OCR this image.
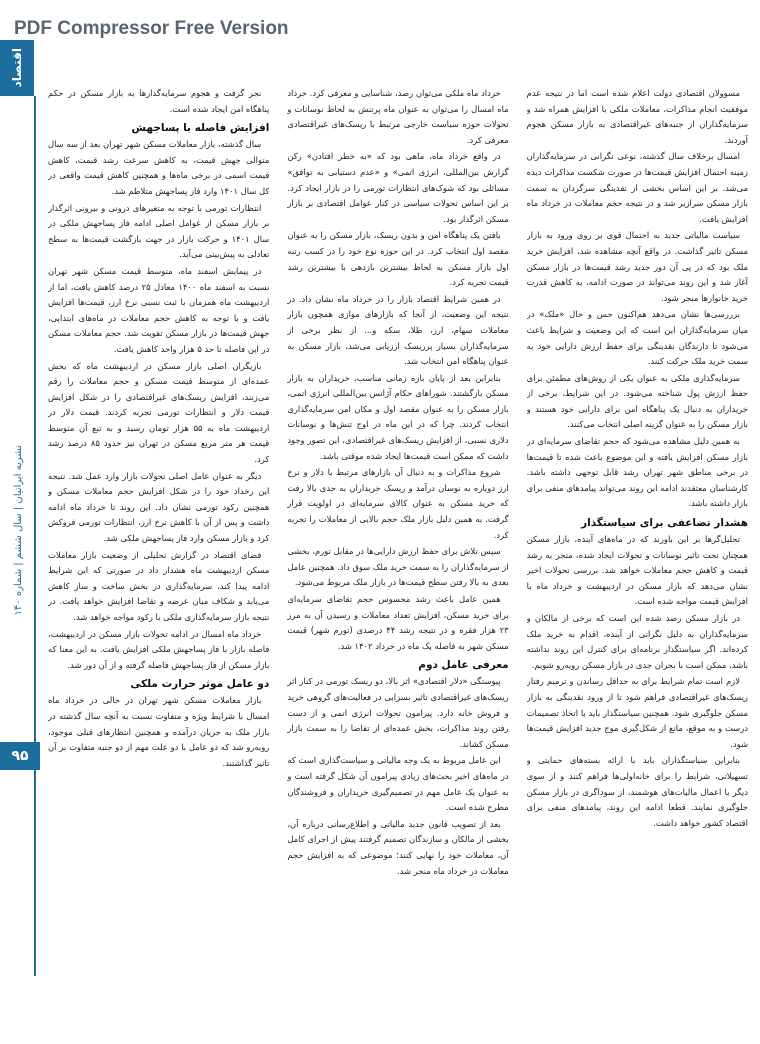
PDF Compressor Free Version
اقتصاد
نشریه ایرانیان | سال ششم | شماره ۱۴۰
۹۵

نجر گرفت و هجوم سرمایه‌گذارها به بازار مسکن در حکم پناهگاه امن ایجاد شده است.

افزایش فاصله با پساجهش

سال گذشته، بازار معاملات مسکن شهر تهران بعد از سه سال متوالی جهش قیمت، به کاهش سرعت رشد قیمت، کاهش قیمت اسمی در برخی ماه‌ها و همچنین کاهش قیمت واقعی در کل سال ۱۴۰۱ وارد فاز پساجهش متلاطم شد.

انتظارات تورمی با توجه به متغیرهای درونی و بیرونی اثرگذار بر بازار مسکن از عوامل اصلی ادامه فاز پساجهش ملکی در سال ۱۴۰۱ و حرکت بازار در جهت بازگشت قیمت‌ها به سطح تعادلی به پیش‌بینی می‌آید.

در پیمایش اسفند ماه، متوسط قیمت مسکن شهر تهران نسبت به اسفند ماه ۱۴۰۰ معادل ۲۵ درصد کاهش یافت، اما از اردیبهشت ماه همزمان با ثبت نسبی نرخ ارز، قیمت‌ها افزایش یافت و با توجه به کاهش حجم معاملات در ماه‌های ابتدایی، جهش قیمت‌ها در بازار مسکن تقویت شد. حجم معاملات مسکن در این فاصله تا حد ۵ هزار واحد کاهش یافت.

بازیگران اصلی بازار مسکن در اردیبهشت ماه که بخش عمده‌ای از متوسط قیمت مسکن و حجم معاملات را رقم می‌زنند، افزایش ریسک‌های غیراقتصادی را در شکل افزایش قیمت دلار و انتظارات تورمی تجربه کردند. قیمت دلار در اردیبهشت ماه به ۵۵ هزار تومان رسید و به تبع آن متوسط قیمت هر متر مربع مسکن در تهران نیز حدود ۸۵ درصد رشد کرد.

دیگر به عنوان عامل اصلی تحولات بازار وارد عمل شد. نتیجه این رخداد خود را در شکل افزایش حجم معاملات مسکن و همچنین رکود تورمی نشان داد. این روند تا خرداد ماه ادامه داشت و پس از آن با کاهش نرخ ارز، انتظارات تورمی فروکش کرد و بازار مسکن وارد فاز پساجهش ملکی شد.

فضای اقتصاد در گزارش تحلیلی از وضعیت بازار معاملات مسکن اردیبهشت ماه هشدار داد در صورتی که این شرایط ادامه پیدا کند، سرمایه‌گذاری در بخش ساخت و ساز کاهش می‌یابد و شکاف میان عرضه و تقاضا افزایش خواهد یافت. در نتیجه بازار سرمایه‌گذاری ملکی با رکود مواجه خواهد شد.

خرداد ماه امسال در ادامه تحولات بازار مسکن در اردیبهشت، فاصله بازار با فاز پساجهش ملکی افزایش یافت. به این معنا که بازار مسکن از فاز پساجهش فاصله گرفته و از آن دور شد.

دو عامل موثر حرارت ملکی

بازار معاملات مسکن شهر تهران در حالی در خرداد ماه امسال با شرایط ویژه و متفاوت نسبت به آنچه سال گذشته در بازار ملک به جریان درآمده و همچنین انتظارهای قبلی موجود، روبه‌رو شد که دو عامل با دو علت مهم از دو جنبه متفاوت بر آن تاثیر گذاشتند.

خرداد ماه ملکی می‌توان رصد، شناسایی و معرفی کرد. خرداد ماه امسال را می‌توان به عنوان ماه پرتنش به لحاظ نوسانات و تحولات حوزه سیاست خارجی مرتبط با ریسک‌های غیراقتصادی معرفی کرد.

در واقع خرداد ماه، ماهی بود که «به خطر افتادن» رکن گزارش بین‌المللی، انرژی اتمی» و «عدم دستیابی به توافق» مسائلی بود که شوک‌های انتظارات تورمی را در بازار ایجاد کرد. بر این اساس تحولات سیاسی در کنار عوامل اقتصادی بر بازار مسکن اثرگذار بود.

یافتن یک پناهگاه امن و بدون ریسک، بازار مسکن را به عنوان مقصد اول انتخاب کرد. در این حوزه نوع خود را در کسب رتبه اول بازار مسکن به لحاظ بیشترین بازدهی با بیشترین رشد قیمت تجربه کرد.

در همین شرایط اقتصاد بازار را در خرداد ماه نشان داد. در نتیجه این وضعیت، از آنجا که بازارهای موازی همچون بازار معاملات سهام، ارز، طلا، سکه و... از نظر برخی از سرمایه‌گذاران بسیار پرریسک ارزیابی می‌شد، بازار مسکن به عنوان پناهگاه امن انتخاب شد.

بنابراین بعد از پایان بازه زمانی مناسب، خریداران به بازار مسکن بازگشتند. شوراهای حکام آژانس بین‌المللی انرژی اتمی، بازار مسکن را به عنوان مقصد اول و مکان امن سرمایه‌گذاری انتخاب کردند. چرا که در این ماه در اوج تنش‌ها و نوسانات دلاری نسبی، از افزایش ریسک‌های غیراقتصادی، این تصور وجود داشت که ممکن است قیمت‌ها ایجاد شده موقتی باشد.

شروع مذاکرات و به دنبال آن بازارهای مرتبط با دلار و نرخ ارز دوباره به نوسان درآمد و ریسک خریداران به حدی بالا رفت که خرید مسکن به عنوان کالای سرمایه‌ای در اولویت قرار گرفت. به همین دلیل بازار ملک حجم بالایی از معاملات را تجربه کرد.

سپس تلاش برای حفظ ارزش دارایی‌ها در مقابل تورم، بخشی از سرمایه‌گذاران را به سمت خرید ملک سوق داد. همچنین عامل بعدی به بالا رفتن سطح قیمت‌ها در بازار ملک مربوط می‌شود.

همین عامل باعث رشد محسوس حجم تقاضای سرمایه‌ای برای خرید مسکن، افزایش تعداد معاملات و رسیدن آن به مرز ۲۳ هزار فقره و در نتیجه رشد ۴۴ درصدی (تورم شهر) قیمت مسکن شهر به فاصله یک ماه در خرداد ۱۴۰۲ شد.

معرفی عامل دوم

پیوستگی «دلار اقتصادی» اثر بالا، دو ریسک تورمی در کنار اثر ریسک‌های غیراقتصادی تاثیر بسزایی در فعالیت‌های گروهی خرید و فروش خانه دارد. پیرامون تحولات انرژی اتمی و از دست رفتن روند مذاکرات، بخش عمده‌ای از تقاضا را به سمت بازار مسکن کشاند.

این عامل مربوط به یک وجه مالیاتی و سیاست‌گذاری است که در ماه‌های اخیر بحث‌های زیادی پیرامون آن شکل گرفته است و به عنوان یک عامل مهم در تصمیم‌گیری خریداران و فروشندگان مطرح شده است.

بعد از تصویب قانون جدید مالیاتی و اطلاع‌رسانی درباره آن، بخشی از مالکان و سازندگان تصمیم گرفتند پیش از اجرای کامل آن، معاملات خود را نهایی کنند؛ موضوعی که به افزایش حجم معاملات در خرداد ماه منجر شد.

مسوولان اقتصادی دولت اعلام شده است اما در نتیجه عدم موفقیت انجام مذاکرات، معاملات ملکی با افزایش همراه شد و سرمایه‌گذاران از جنبه‌های غیراقتصادی به بازار مسکن هجوم آوردند.

امسال برخلاف سال گذشته، نوعی نگرانی در سرمایه‌گذاران زمینه احتمال افزایش قیمت‌ها در صورت شکست مذاکرات دیده می‌شد. بر این اساس بخشی از نقدینگی سرگردان به سمت بازار مسکن سرازیر شد و در نتیجه حجم معاملات در خرداد ماه افزایش یافت.

سیاست مالیاتی جدید به احتمال قوی بر روی ورود به بازار مسکن تاثیر گذاشت. در واقع آنچه مشاهده شد، افزایش خرید ملک بود که در پی آن دور جدید رشد قیمت‌ها در بازار مسکن آغاز شد و این روند می‌تواند در صورت ادامه، به کاهش قدرت خرید خانوارها منجر شود.

برررسی‌ها نشان می‌دهد هم‌اکنون حس و حال «ملک» در میان سرمایه‌گذاران این است که این وضعیت و شرایط باعث می‌شود تا دارندگان نقدینگی برای حفظ ارزش دارایی خود به سمت خرید ملک حرکت کنند.

سرمایه‌گذاری ملکی به عنوان یکی از روش‌های مطمئن برای حفظ ارزش پول شناخته می‌شود. در این شرایط، برخی از خریداران به دنبال یک پناهگاه امن برای دارایی خود هستند و بازار مسکن را به عنوان گزینه اصلی انتخاب می‌کنند.

به همین دلیل مشاهده می‌شود که حجم تقاضای سرمایه‌ای در بازار مسکن افزایش یافته و این موضوع باعث شده تا قیمت‌ها در برخی مناطق شهر تهران رشد قابل توجهی داشته باشد. کارشناسان معتقدند ادامه این روند می‌تواند پیامدهای منفی برای بازار داشته باشد.

هشدار تضاعفی برای سیاستگذار

تحلیل‌گرها بر این باورند که در ماه‌های آینده، بازار مسکن همچنان تحت تاثیر نوسانات و تحولات ایجاد شده، متجر به رشد قیمت و کاهش حجم معاملات خواهد شد. بررسی تحولات اخیر نشان می‌دهد که بازار مسکن در اردیبهشت و خرداد ماه با افزایش قیمت مواجه شده است.

در بازار مسکن رصد شده این است که برخی از مالکان و سرمایه‌گذاران به دلیل نگرانی از آینده، اقدام به خرید ملک کرده‌اند. اگر سیاستگذار برنامه‌ای برای کنترل این روند نداشته باشد، ممکن است با بحران جدی در بازار مسکن روبه‌رو شویم.

لازم است تمام شرایط برای به حداقل رساندن و ترمیم رفتار ریسک‌های غیراقتصادی فراهم شود تا از ورود نقدینگی به بازار مسکن جلوگیری شود. همچنین سیاستگذار باید با اتخاذ تصمیمات درست و به موقع، مانع از شکل‌گیری موج جدید افزایش قیمت‌ها شود.

بنابراین سیاستگذاران باید با ارائه بسته‌های حمایتی و تسهیلاتی، شرایط را برای خانه‌اولی‌ها فراهم کنند و از سوی دیگر با اعمال مالیات‌های هوشمند، از سوداگری در بازار مسکن جلوگیری نمایند. قطعا ادامه این روند، پیامدهای منفی برای اقتصاد کشور خواهد داشت.
